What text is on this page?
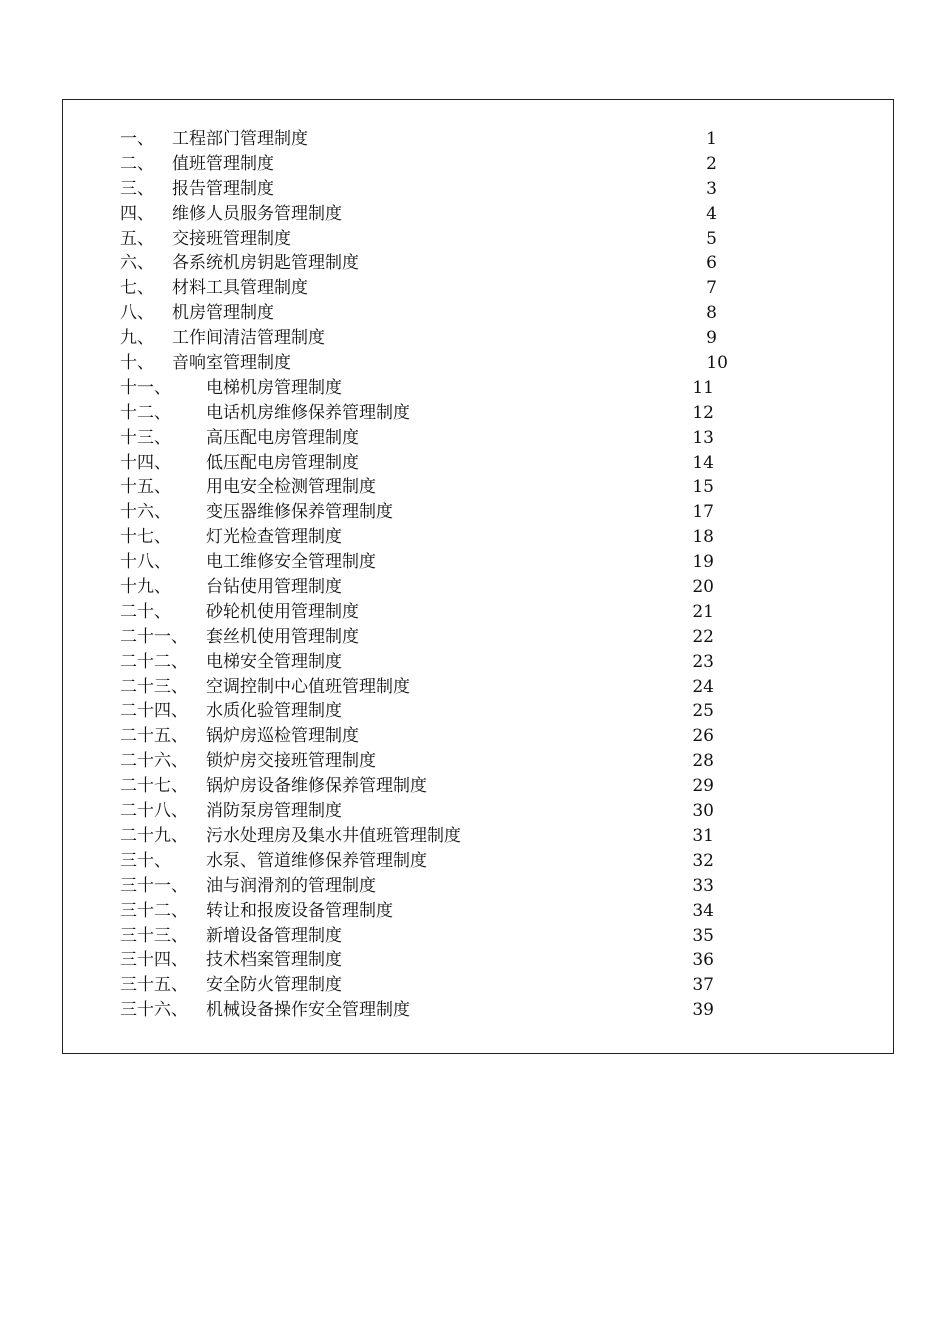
一、 工程部门管理制度	1
二、 值班管理制度	2
三、 报告管理制度	3
四、 维修人员服务管理制度	4
五、 交接班管理制度	5
六、 各系统机房钥匙管理制度	6
七、 材料工具管理制度	7
八、 机房管理制度	8
九、 工作间清洁管理制度	9
十、 音响室管理制度	10
十一、 电梯机房管理制度	11
十二、 电话机房维修保养管理制度	12
十三、 高压配电房管理制度	13
十四、 低压配电房管理制度	14
十五、 用电安全检测管理制度	15
十六、 变压器维修保养管理制度	17
十七、 灯光检查管理制度	18
十八、 电工维修安全管理制度	19
十九、 台钻使用管理制度	20
二十、 砂轮机使用管理制度	21
二十一、 套丝机使用管理制度	22
二十二、 电梯安全管理制度	23
二十三、 空调控制中心值班管理制度	24
二十四、 水质化验管理制度	25
二十五、 锅炉房巡检管理制度	26
二十六、 锁炉房交接班管理制度	28
二十七、 锅炉房设备维修保养管理制度	29
二十八、 消防泵房管理制度	30
二十九、 污水处理房及集水井值班管理制度	31
三十、 水泵、管道维修保养管理制度	32
三十一、 油与润滑剂的管理制度	33
三十二、 转让和报废设备管理制度	34
三十三、 新增设备管理制度	35
三十四、 技术档案管理制度	36
三十五、 安全防火管理制度	37
三十六、 机械设备操作安全管理制度	39
